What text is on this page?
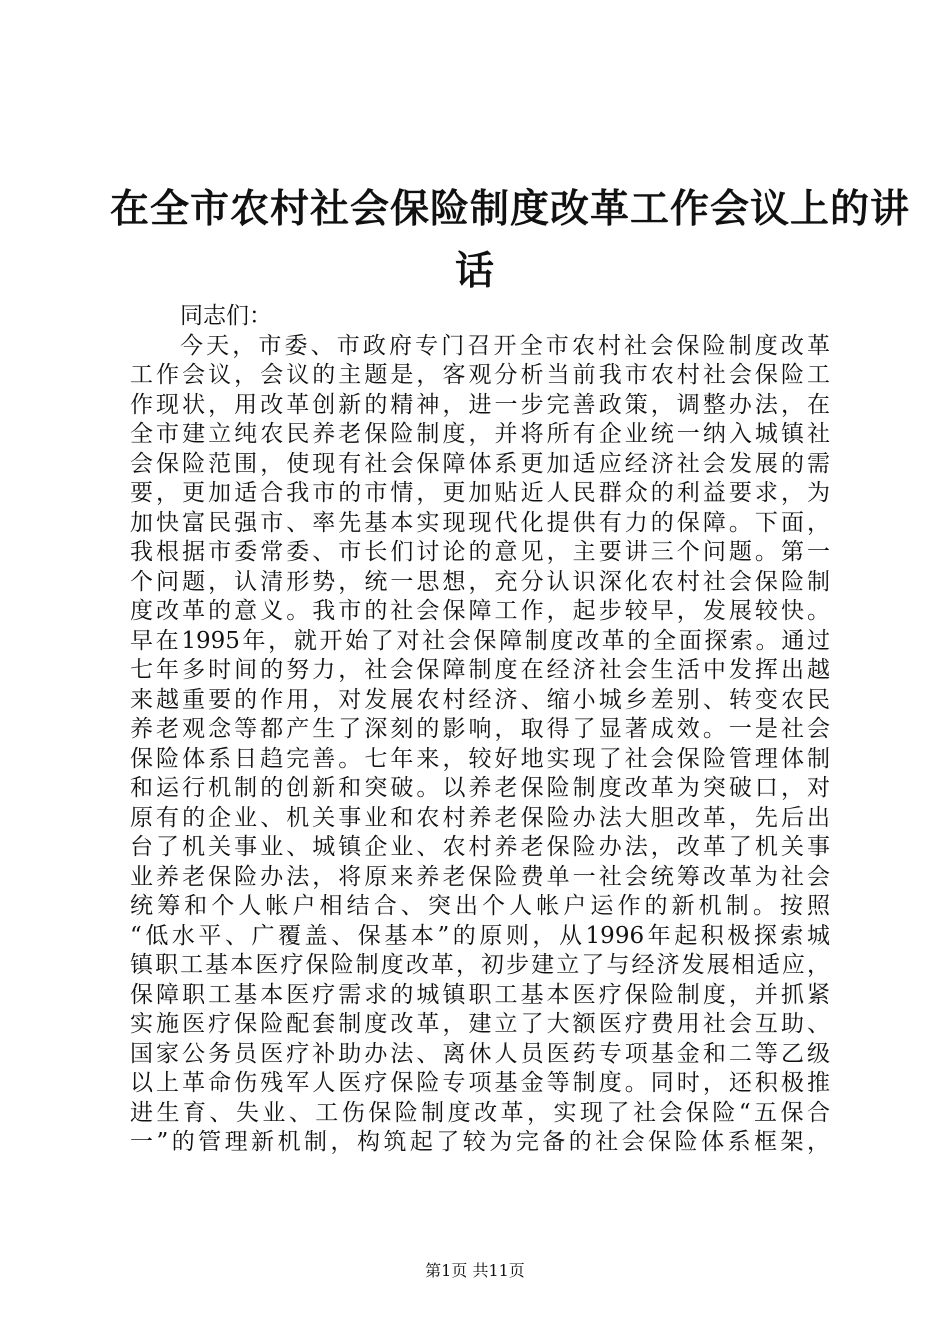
在全市农村社会保险制度改革工作会议上的讲
话
同志们：
今天，市委、市政府专门召开全市农村社会保险制度改革
工作会议，会议的主题是，客观分析当前我市农村社会保险工
作现状，用改革创新的精神，进一步完善政策，调整办法，在
全市建立纯农民养老保险制度，并将所有企业统一纳入城镇社
会保险范围，使现有社会保障体系更加适应经济社会发展的需
要，更加适合我市的市情，更加贴近人民群众的利益要求，为
加快富民强市、率先基本实现现代化提供有力的保障。下面，
我根据市委常委、市长们讨论的意见，主要讲三个问题。第一
个问题，认清形势，统一思想，充分认识深化农村社会保险制
度改革的意义。我市的社会保障工作，起步较早，发展较快。
早在1995年，就开始了对社会保障制度改革的全面探索。通过
七年多时间的努力，社会保障制度在经济社会生活中发挥出越
来越重要的作用，对发展农村经济、缩小城乡差别、转变农民
养老观念等都产生了深刻的影响，取得了显著成效。一是社会
保险体系日趋完善。七年来，较好地实现了社会保险管理体制
和运行机制的创新和突破。以养老保险制度改革为突破口，对
原有的企业、机关事业和农村养老保险办法大胆改革，先后出
台了机关事业、城镇企业、农村养老保险办法，改革了机关事
业养老保险办法，将原来养老保险费单一社会统筹改革为社会
统筹和个人帐户相结合、突出个人帐户运作的新机制。按照
“低水平、广覆盖、保基本”的原则，从1996年起积极探索城
镇职工基本医疗保险制度改革，初步建立了与经济发展相适应，
保障职工基本医疗需求的城镇职工基本医疗保险制度，并抓紧
实施医疗保险配套制度改革，建立了大额医疗费用社会互助、
国家公务员医疗补助办法、离休人员医药专项基金和二等乙级
以上革命伤残军人医疗保险专项基金等制度。同时，还积极推
进生育、失业、工伤保险制度改革，实现了社会保险“五保合
一”的管理新机制，构筑起了较为完备的社会保险体系框架，
第1页 共11页
